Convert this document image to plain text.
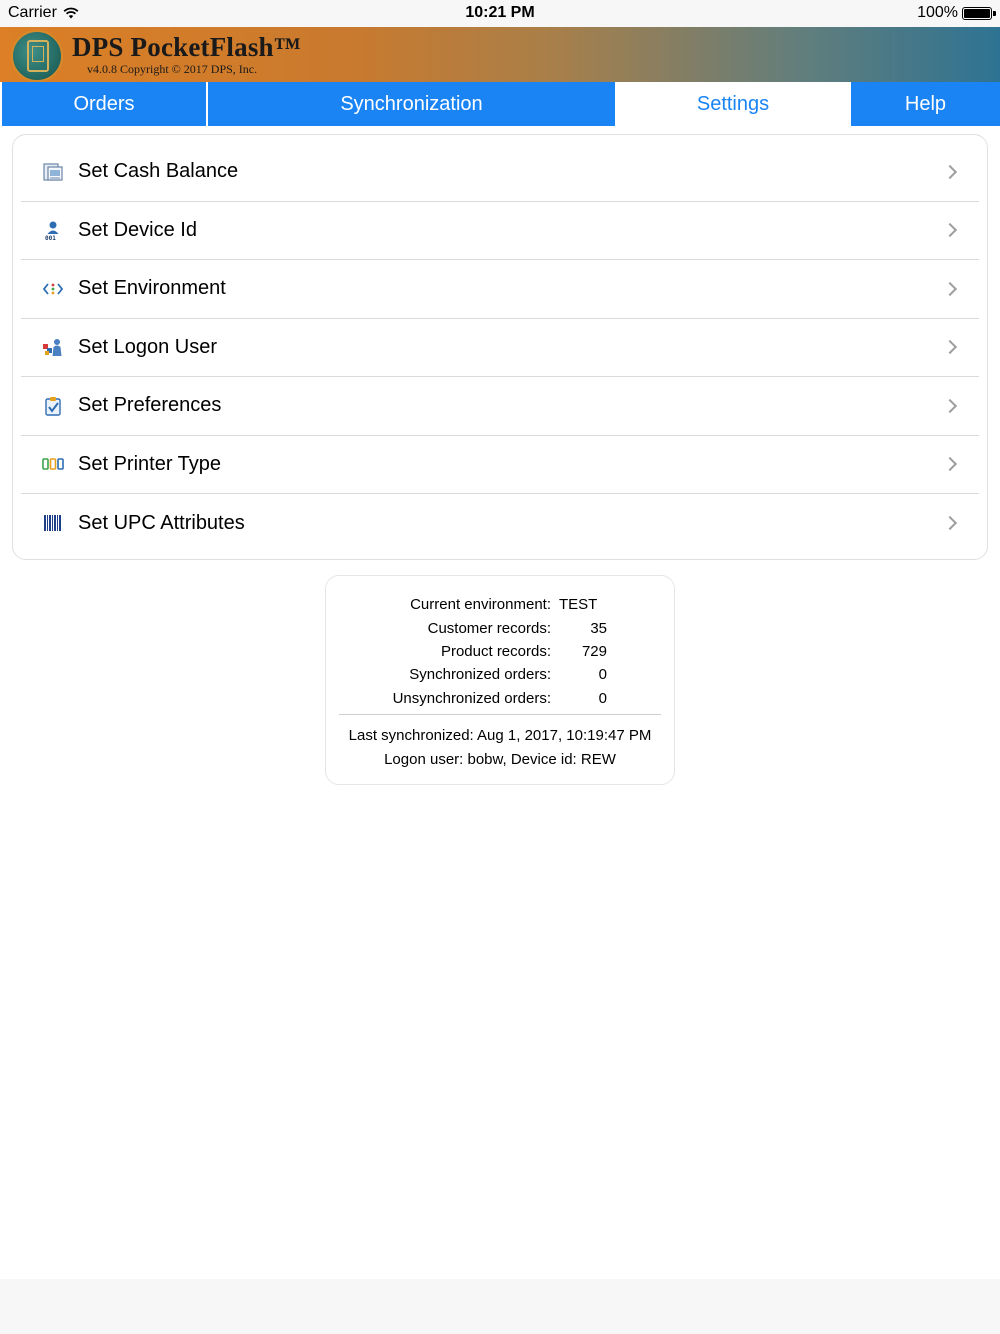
Carrier	10:21 PM	100%
DPS PocketFlash™
v4.0.8 Copyright © 2017 DPS, Inc.
Orders	Synchronization	Settings	Help
Set Cash Balance
001 Set Device Id
Set Environment
Set Logon User
Set Preferences
Set Printer Type
Set UPC Attributes
Current environment: TEST
Customer records:	35
Product records:	729
Synchronized orders:	0
Unsynchronized orders:	0
Last synchronized: Aug 1, 2017, 10:19:47 PM
Logon user: bobw, Device id: REW
